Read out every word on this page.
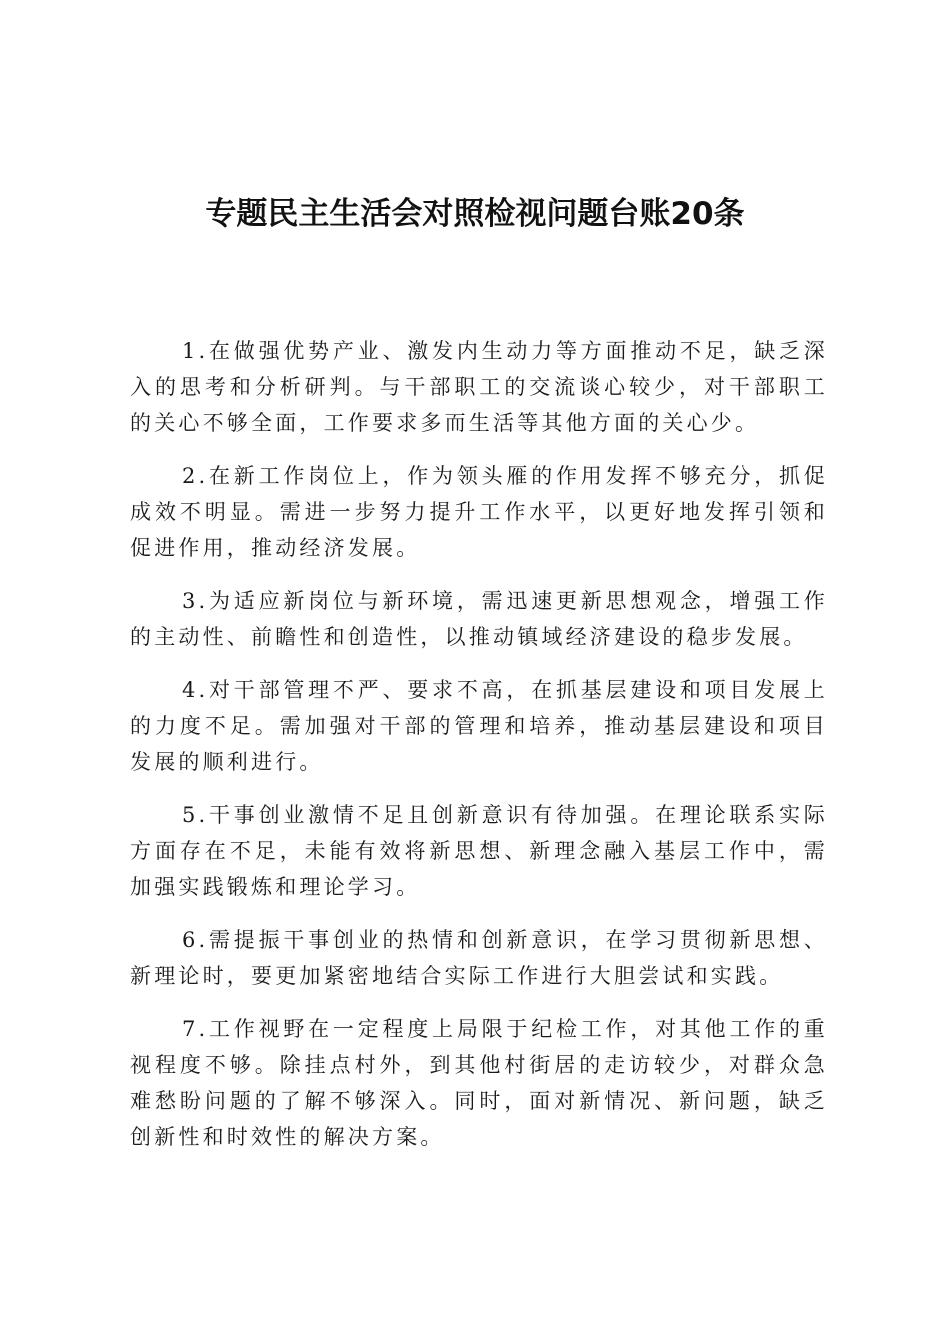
专题民主生活会对照检视问题台账20条

1.在做强优势产业、激发内生动力等方面推动不足，缺乏深入的思考和分析研判。与干部职工的交流谈心较少，对干部职工的关心不够全面，工作要求多而生活等其他方面的关心少。

2.在新工作岗位上，作为领头雁的作用发挥不够充分，抓促成效不明显。需进一步努力提升工作水平，以更好地发挥引领和促进作用，推动经济发展。

3.为适应新岗位与新环境，需迅速更新思想观念，增强工作的主动性、前瞻性和创造性，以推动镇域经济建设的稳步发展。

4.对干部管理不严、要求不高，在抓基层建设和项目发展上的力度不足。需加强对干部的管理和培养，推动基层建设和项目发展的顺利进行。

5.干事创业激情不足且创新意识有待加强。在理论联系实际方面存在不足，未能有效将新思想、新理念融入基层工作中，需加强实践锻炼和理论学习。

6.需提振干事创业的热情和创新意识，在学习贯彻新思想、新理论时，要更加紧密地结合实际工作进行大胆尝试和实践。

7.工作视野在一定程度上局限于纪检工作，对其他工作的重视程度不够。除挂点村外，到其他村街居的走访较少，对群众急难愁盼问题的了解不够深入。同时，面对新情况、新问题，缺乏创新性和时效性的解决方案。
